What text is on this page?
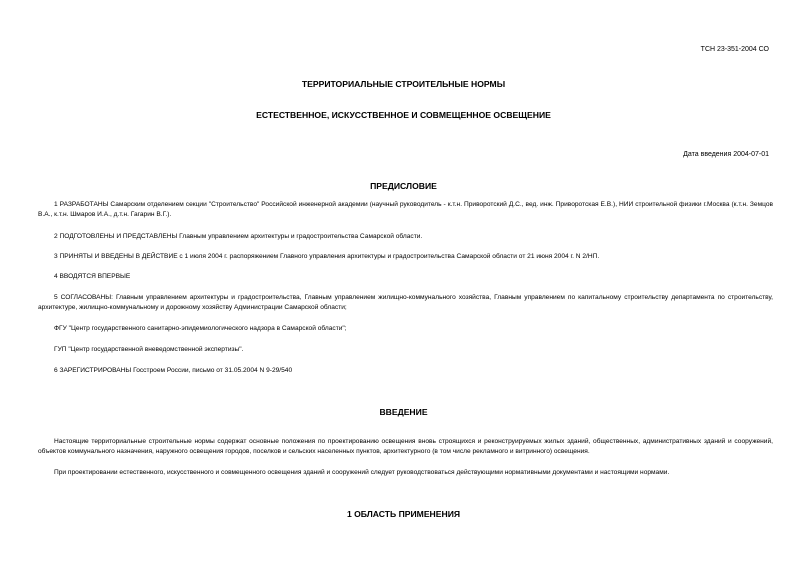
ТСН 23-351-2004 СО
ТЕРРИТОРИАЛЬНЫЕ СТРОИТЕЛЬНЫЕ НОРМЫ
ЕСТЕСТВЕННОЕ, ИСКУССТВЕННОЕ И СОВМЕЩЕННОЕ ОСВЕЩЕНИЕ
Дата введения 2004-07-01
ПРЕДИСЛОВИЕ

1 РАЗРАБОТАНЫ Самарским отделением секции "Строительство" Российской инженерной академии (научный руководитель - к.т.н. Приворотский Д.С., вед. инж. Приворотская Е.В.), НИИ строительной физики г.Москва (к.т.н. Земцов В.А., к.т.н. Шмаров И.А., д.т.н. Гагарин В.Г.).

2 ПОДГОТОВЛЕНЫ И ПРЕДСТАВЛЕНЫ Главным управлением архитектуры и градостроительства Самарской области.

3 ПРИНЯТЫ И ВВЕДЕНЫ В ДЕЙСТВИЕ с 1 июля 2004 г. распоряжением Главного управления архитектуры и градостроительства Самарской области от 21 июня 2004 г. N 2/НП.

4 ВВОДЯТСЯ ВПЕРВЫЕ

5 СОГЛАСОВАНЫ: Главным управлением архитектуры и градостроительства, Главным управлением жилищно-коммунального хозяйства, Главным управлением по капитальному строительству департамента по строительству, архитектуре, жилищно-коммунальному и дорожному хозяйству Администрации Самарской области;

ФГУ "Центр государственного санитарно-эпидемиологического надзора в Самарской области";

ГУП "Центр государственной вневедомственной экспертизы".

6 ЗАРЕГИСТРИРОВАНЫ Госстроем России, письмо от 31.05.2004 N 9-29/540

ВВЕДЕНИЕ

Настоящие территориальные строительные нормы содержат основные положения по проектированию освещения вновь строящихся и реконструируемых жилых зданий, общественных, административных зданий и сооружений, объектов коммунального назначения, наружного освещения городов, поселков и сельских населенных пунктов, архитектурного (в том числе рекламного и витринного) освещения.

При проектировании естественного, искусственного и совмещенного освещения зданий и сооружений следует руководствоваться действующими нормативными документами и настоящими нормами.

1 ОБЛАСТЬ ПРИМЕНЕНИЯ
